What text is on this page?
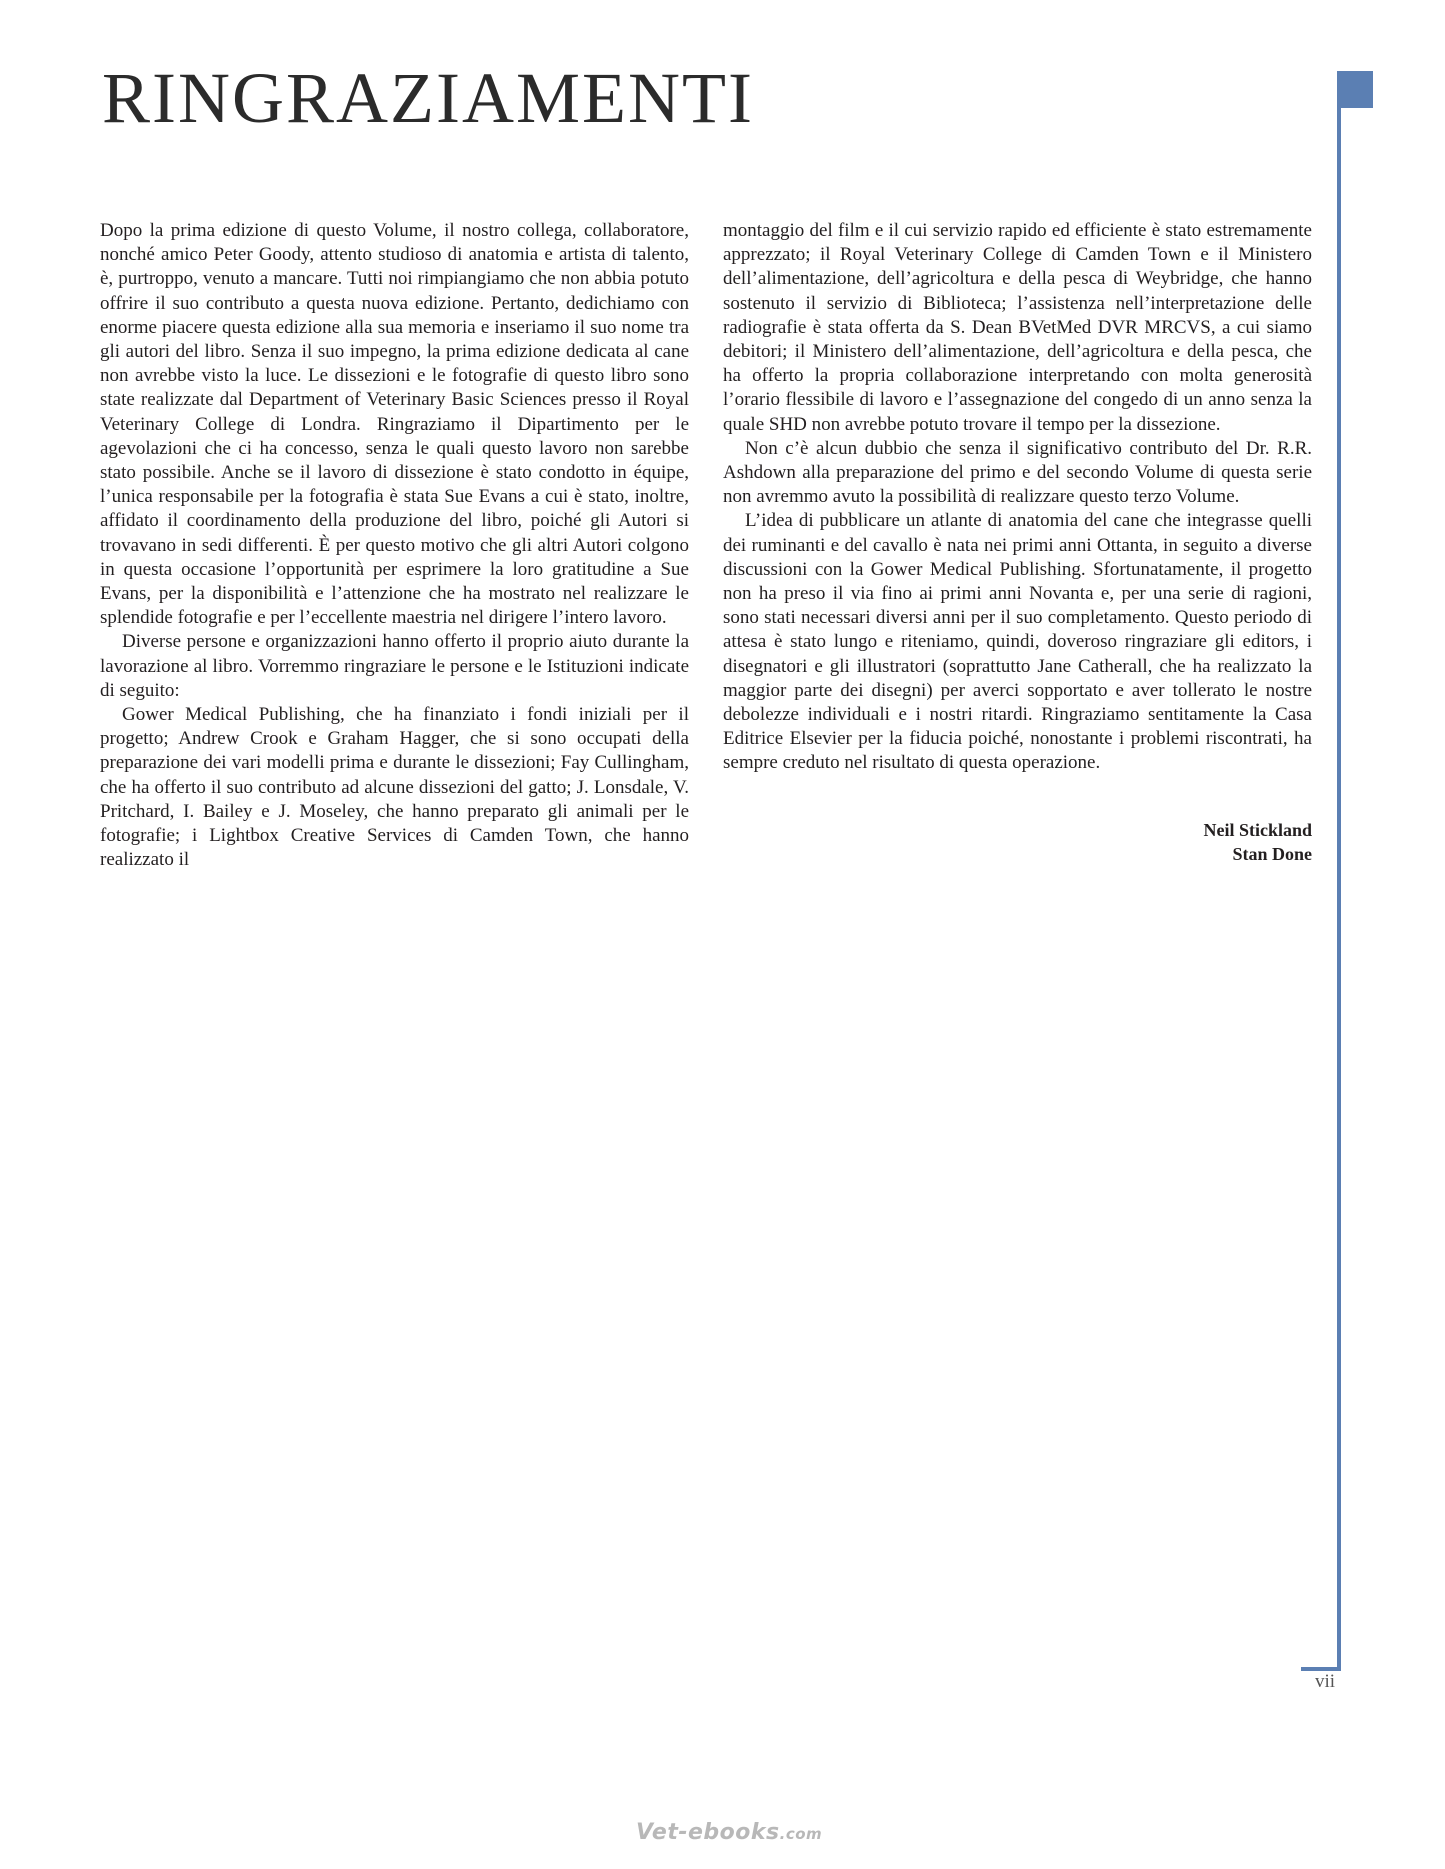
RINGRAZIAMENTI

Dopo la prima edizione di questo Volume, il nostro collega, collaboratore, nonché amico Peter Goody, attento studioso di anatomia e artista di talento, è, purtroppo, venuto a mancare. Tutti noi rimpiangiamo che non abbia potuto offrire il suo contributo a questa nuova edizione. Pertanto, dedichiamo con enorme piacere questa edizione alla sua memoria e inseriamo il suo nome tra gli autori del libro. Senza il suo impegno, la prima edizione dedicata al cane non avrebbe visto la luce. Le dissezioni e le fotografie di questo libro sono state realizzate dal Department of Veterinary Basic Sciences presso il Royal Veterinary College di Londra. Ringraziamo il Dipartimento per le agevolazioni che ci ha concesso, senza le quali questo lavoro non sarebbe stato possibile. Anche se il lavoro di dissezione è stato condotto in équipe, l’unica responsabile per la fotografia è stata Sue Evans a cui è stato, inoltre, affidato il coordinamento della produzione del libro, poiché gli Autori si trovavano in sedi differenti. È per questo motivo che gli altri Autori colgono in questa occasione l’opportunità per esprimere la loro gratitudine a Sue Evans, per la disponibilità e l’attenzione che ha mostrato nel realizzare le splendide fotografie e per l’eccellente maestria nel dirigere l’intero lavoro.

Diverse persone e organizzazioni hanno offerto il proprio aiuto durante la lavorazione al libro. Vorremmo ringraziare le persone e le Istituzioni indicate di seguito:

Gower Medical Publishing, che ha finanziato i fondi iniziali per il progetto; Andrew Crook e Graham Hagger, che si sono occupati della preparazione dei vari modelli prima e durante le dissezioni; Fay Cullingham, che ha offerto il suo contributo ad alcune dissezioni del gatto; J. Lonsdale, V. Pritchard, I. Bailey e J. Moseley, che hanno preparato gli animali per le fotografie; i Lightbox Creative Services di Camden Town, che hanno realizzato il

montaggio del film e il cui servizio rapido ed efficiente è stato estremamente apprezzato; il Royal Veterinary College di Camden Town e il Ministero dell’alimentazione, dell’agricoltura e della pesca di Weybridge, che hanno sostenuto il servizio di Biblioteca; l’assistenza nell’interpretazione delle radiografie è stata offerta da S. Dean BVetMed DVR MRCVS, a cui siamo debitori; il Ministero dell’alimentazione, dell’agricoltura e della pesca, che ha offerto la propria collaborazione interpretando con molta generosità l’orario flessibile di lavoro e l’assegnazione del congedo di un anno senza la quale SHD non avrebbe potuto trovare il tempo per la dissezione.

Non c’è alcun dubbio che senza il significativo contributo del Dr. R.R. Ashdown alla preparazione del primo e del secondo Volume di questa serie non avremmo avuto la possibilità di realizzare questo terzo Volume.

L’idea di pubblicare un atlante di anatomia del cane che integrasse quelli dei ruminanti e del cavallo è nata nei primi anni Ottanta, in seguito a diverse discussioni con la Gower Medical Publishing. Sfortunatamente, il progetto non ha preso il via fino ai primi anni Novanta e, per una serie di ragioni, sono stati necessari diversi anni per il suo completamento. Questo periodo di attesa è stato lungo e riteniamo, quindi, doveroso ringraziare gli editors, i disegnatori e gli illustratori (soprattutto Jane Catherall, che ha realizzato la maggior parte dei disegni) per averci sopportato e aver tollerato le nostre debolezze individuali e i nostri ritardi. Ringraziamo sentitamente la Casa Editrice Elsevier per la fiducia poiché, nonostante i problemi riscontrati, ha sempre creduto nel risultato di questa operazione.

Neil Stickland
Stan Done
vii
Vet-ebooks.com
